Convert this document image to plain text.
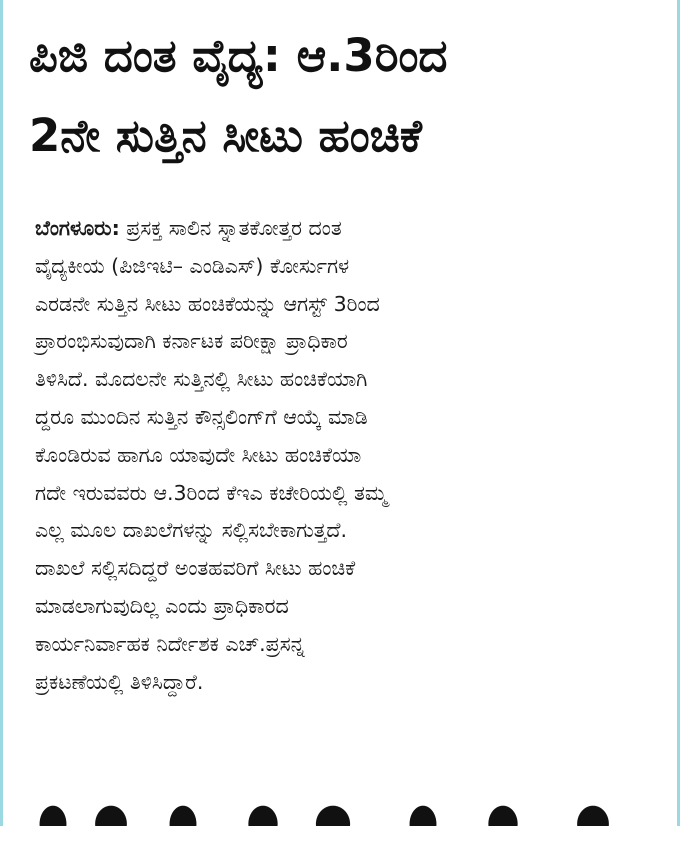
ಪಿಜಿ ದಂತ ವೈದ್ಯ: ಆ.3ರಿಂದ
2ನೇ ಸುತ್ತಿನ ಸೀಟು ಹಂಚಿಕೆ
ಬೆಂಗಳೂರು: ಪ್ರಸಕ್ತ ಸಾಲಿನ ಸ್ನಾತಕೋತ್ತರ ದಂತ
ವೈದ್ಯಕೀಯ (ಪಿಜಿಇಟಿ– ಎಂಡಿಎಸ್) ಕೋರ್ಸುಗಳ
ಎರಡನೇ ಸುತ್ತಿನ ಸೀಟು ಹಂಚಿಕೆಯನ್ನು ಆಗಸ್ಟ್ 3ರಿಂದ
ಪ್ರಾರಂಭಿಸುವುದಾಗಿ ಕರ್ನಾಟಕ ಪರೀಕ್ಷಾ ಪ್ರಾಧಿಕಾರ
ತಿಳಿಸಿದೆ. ಮೊದಲನೇ ಸುತ್ತಿನಲ್ಲಿ ಸೀಟು ಹಂಚಿಕೆಯಾಗಿ
ದ್ದರೂ ಮುಂದಿನ ಸುತ್ತಿನ ಕೌನ್ಸಲಿಂಗ್‌ಗೆ ಆಯ್ಕೆ ಮಾಡಿ
ಕೊಂಡಿರುವ ಹಾಗೂ ಯಾವುದೇ ಸೀಟು ಹಂಚಿಕೆಯಾ
ಗದೇ ಇರುವವರು ಆ.3ರಿಂದ ಕೆಇಎ ಕಚೇರಿಯಲ್ಲಿ ತಮ್ಮ
ಎಲ್ಲ ಮೂಲ ದಾಖಲೆಗಳನ್ನು ಸಲ್ಲಿಸಬೇಕಾಗುತ್ತದೆ.
ದಾಖಲೆ ಸಲ್ಲಿಸದಿದ್ದರೆ ಅಂತಹವರಿಗೆ ಸೀಟು ಹಂಚಿಕೆ
ಮಾಡಲಾಗುವುದಿಲ್ಲ ಎಂದು ಪ್ರಾಧಿಕಾರದ
ಕಾರ್ಯನಿರ್ವಾಹಕ ನಿರ್ದೇಶಕ ಎಚ್.ಪ್ರಸನ್ನ
ಪ್ರಕಟಣೆಯಲ್ಲಿ ತಿಳಿಸಿದ್ದಾರೆ.
